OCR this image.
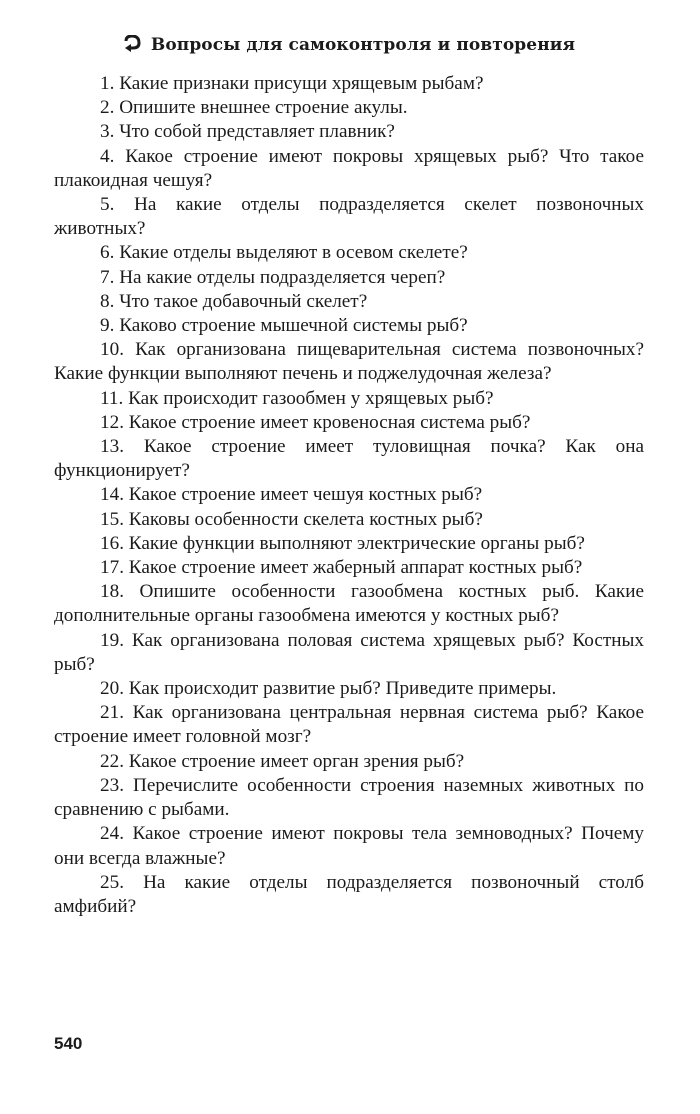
Вопросы для самоконтроля и повторения
1. Какие признаки присущи хрящевым рыбам?
2. Опишите внешнее строение акулы.
3. Что собой представляет плавник?
4. Какое строение имеют покровы хрящевых рыб? Что такое плакоидная чешуя?
5. На какие отделы подразделяется скелет позвоночных животных?
6. Какие отделы выделяют в осевом скелете?
7. На какие отделы подразделяется череп?
8. Что такое добавочный скелет?
9. Каково строение мышечной системы рыб?
10. Как организована пищеварительная система позвоночных? Какие функции выполняют печень и поджелудочная железа?
11. Как происходит газообмен у хрящевых рыб?
12. Какое строение имеет кровеносная система рыб?
13. Какое строение имеет туловищная почка? Как она функционирует?
14. Какое строение имеет чешуя костных рыб?
15. Каковы особенности скелета костных рыб?
16. Какие функции выполняют электрические органы рыб?
17. Какое строение имеет жаберный аппарат костных рыб?
18. Опишите особенности газообмена костных рыб. Какие дополнительные органы газообмена имеются у костных рыб?
19. Как организована половая система хрящевых рыб? Костных рыб?
20. Как происходит развитие рыб? Приведите примеры.
21. Как организована центральная нервная система рыб? Какое строение имеет головной мозг?
22. Какое строение имеет орган зрения рыб?
23. Перечислите особенности строения наземных животных по сравнению с рыбами.
24. Какое строение имеют покровы тела земноводных? Почему они всегда влажные?
25. На какие отделы подразделяется позвоночный столб амфибий?
540
